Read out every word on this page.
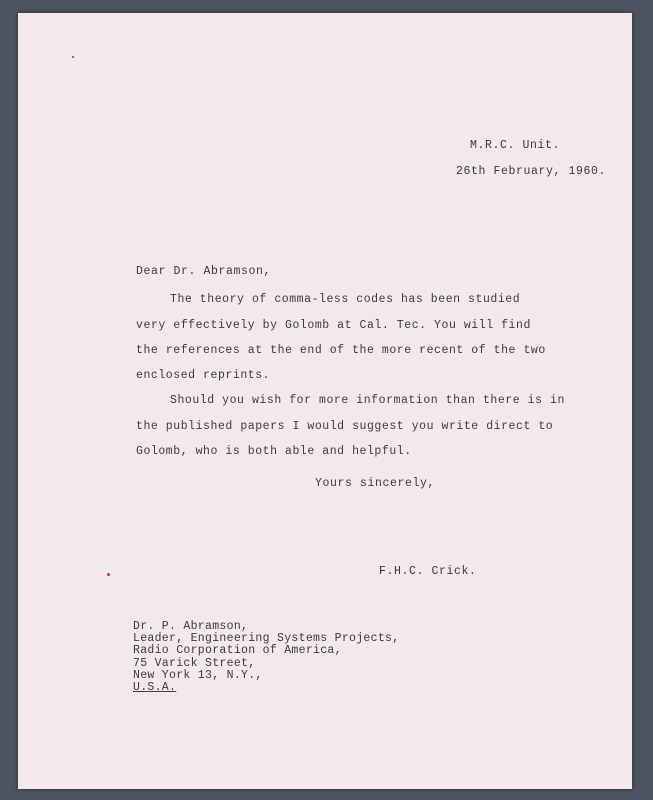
M.R.C. Unit.
26th February, 1960.
Dear Dr. Abramson,
The theory of comma-less codes has been studied
very effectively by Golomb at Cal. Tec. You will find
the references at the end of the more recent of the two
enclosed reprints.
Should you wish for more information than there is in
the published papers I would suggest you write direct to
Golomb, who is both able and helpful.
Yours sincerely,
F.H.C. Crick.
Dr. P. Abramson,
Leader, Engineering Systems Projects,
Radio Corporation of America,
75 Varick Street,
New York 13, N.Y.,
U.S.A.
